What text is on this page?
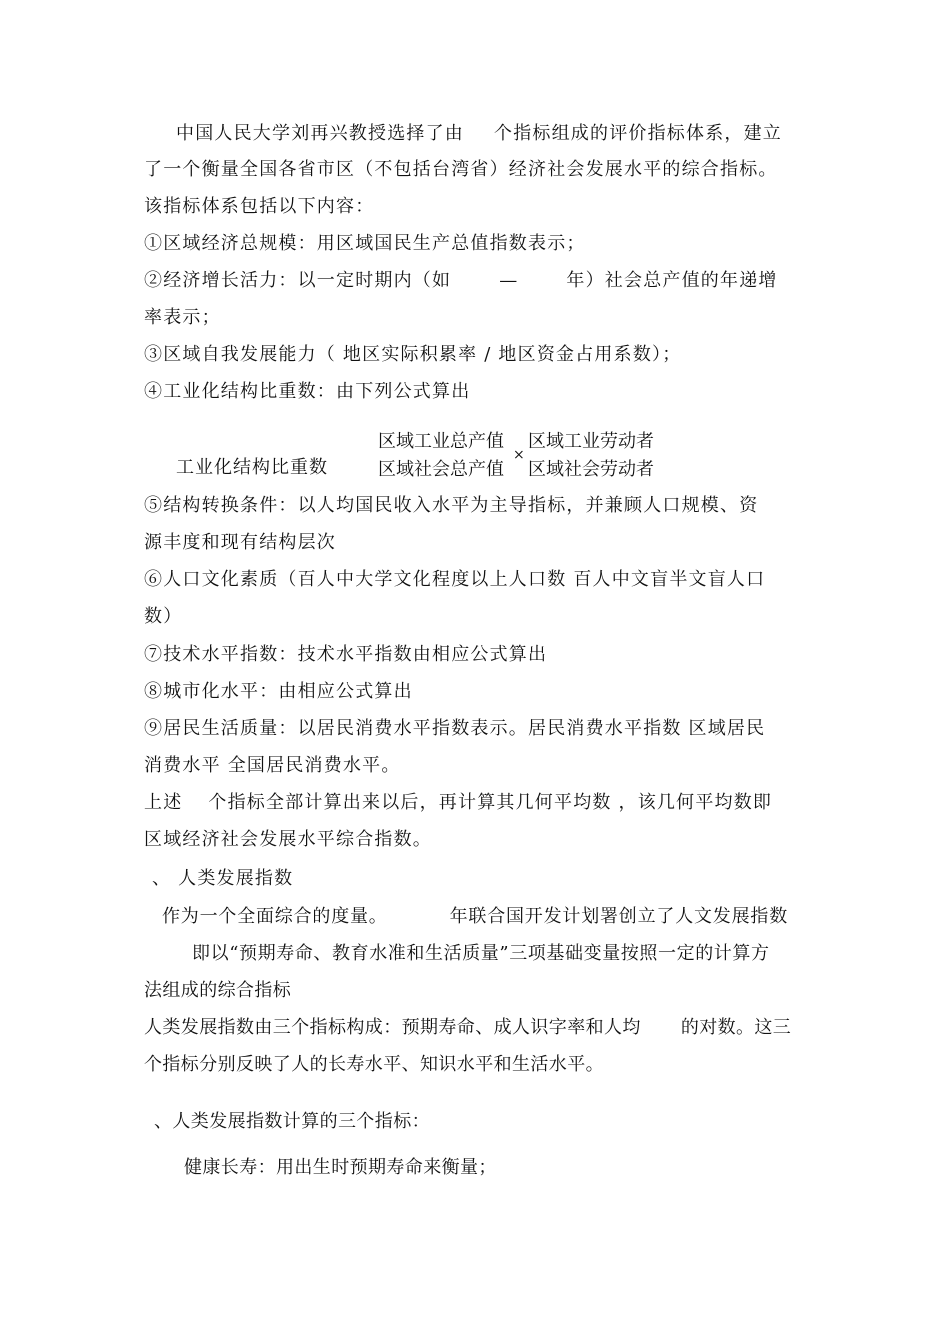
中国人民大学刘再兴教授选择了由 个指标组成的评价指标体系，建立
了一个衡量全国各省市区（不包括台湾省）经济社会发展水平的综合指标。
该指标体系包括以下内容：
①区域经济总规模：用区域国民生产总值指数表示；
②经济增长活力：以一定时期内（如	—	年）社会总产值的年递增
率表示；
③区域自我发展能力（ 地区实际积累率 / 地区资金占用系数）；
④工业化结构比重数：由下列公式算出
工业化结构比重数
区域工业总产值
区域社会总产值
×
区域工业劳动者
区域社会劳动者
⑤结构转换条件：以人均国民收入水平为主导指标，并兼顾人口规模、资
源丰度和现有结构层次
⑥人口文化素质（百人中大学文化程度以上人口数 百人中文盲半文盲人口
数）
⑦技术水平指数：技术水平指数由相应公式算出
⑧城市化水平：由相应公式算出
⑨居民生活质量：以居民消费水平指数表示。居民消费水平指数 区域居民
消费水平 全国居民消费水平。
上述 个指标全部计算出来以后，再计算其几何平均数 ，该几何平均数即
区域经济社会发展水平综合指数。
、 人类发展指数
作为一个全面综合的度量。	年联合国开发计划署创立了人文发展指数
即以“预期寿命、教育水准和生活质量”三项基础变量按照一定的计算方
法组成的综合指标
人类发展指数由三个指标构成：预期寿命、成人识字率和人均 的对数。这三
个指标分别反映了人的长寿水平、知识水平和生活水平。
、人类发展指数计算的三个指标：
健康长寿：用出生时预期寿命来衡量；
